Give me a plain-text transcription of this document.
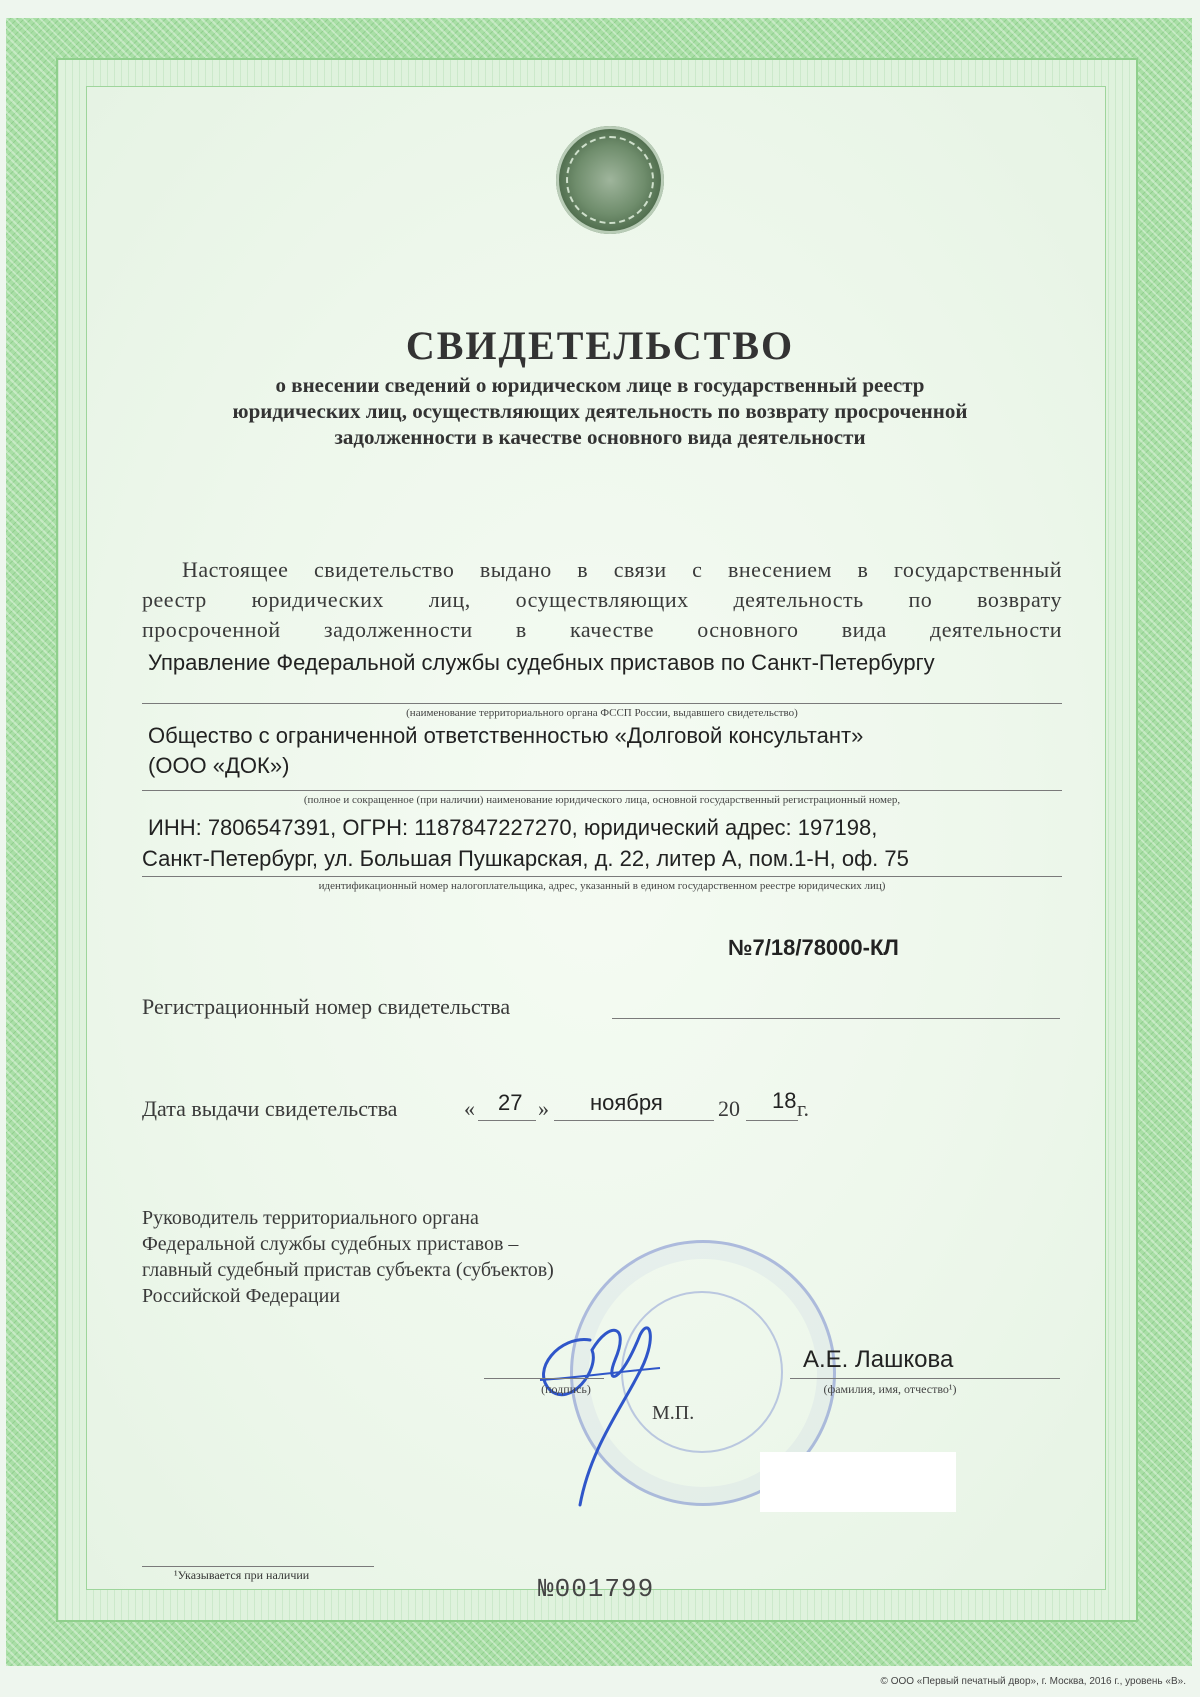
СВИДЕТЕЛЬСТВО
о внесении сведений о юридическом лице в государственный реестр
юридических лиц, осуществляющих деятельность по возврату просроченной
задолженности в качестве основного вида деятельности
Настоящее свидетельство выдано в связи с внесением в государственный
реестр юридических лиц, осуществляющих деятельность по возврату
просроченной задолженности в качестве основного вида деятельности
Управление Федеральной службы судебных приставов по Санкт-Петербургу
(наименование территориального органа ФССП России, выдавшего свидетельство)
Общество с ограниченной ответственностью «Долговой консультант»
(ООО «ДОК»)
(полное и сокращенное (при наличии) наименование юридического лица, основной государственный регистрационный номер,
ИНН: 7806547391, ОГРН: 1187847227270, юридический адрес: 197198,
Санкт-Петербург, ул. Большая Пушкарская, д. 22, литер А, пом.1-Н, оф. 75
идентификационный номер налогоплательщика, адрес, указанный в едином государственном реестре юридических лиц)
№7/18/78000-КЛ
Регистрационный номер свидетельства
Дата выдачи свидетельства	« 27 » ноября	20 18 г.
Руководитель территориального органа
Федеральной службы судебных приставов –
главный судебный пристав субъекта (субъектов)
Российской Федерации
(подпись)
А.Е. Лашкова
(фамилия, имя, отчество¹)
М.П.
¹Указывается при наличии	№001799
© ООО «Первый печатный двор», г. Москва, 2016 г., уровень «В».
